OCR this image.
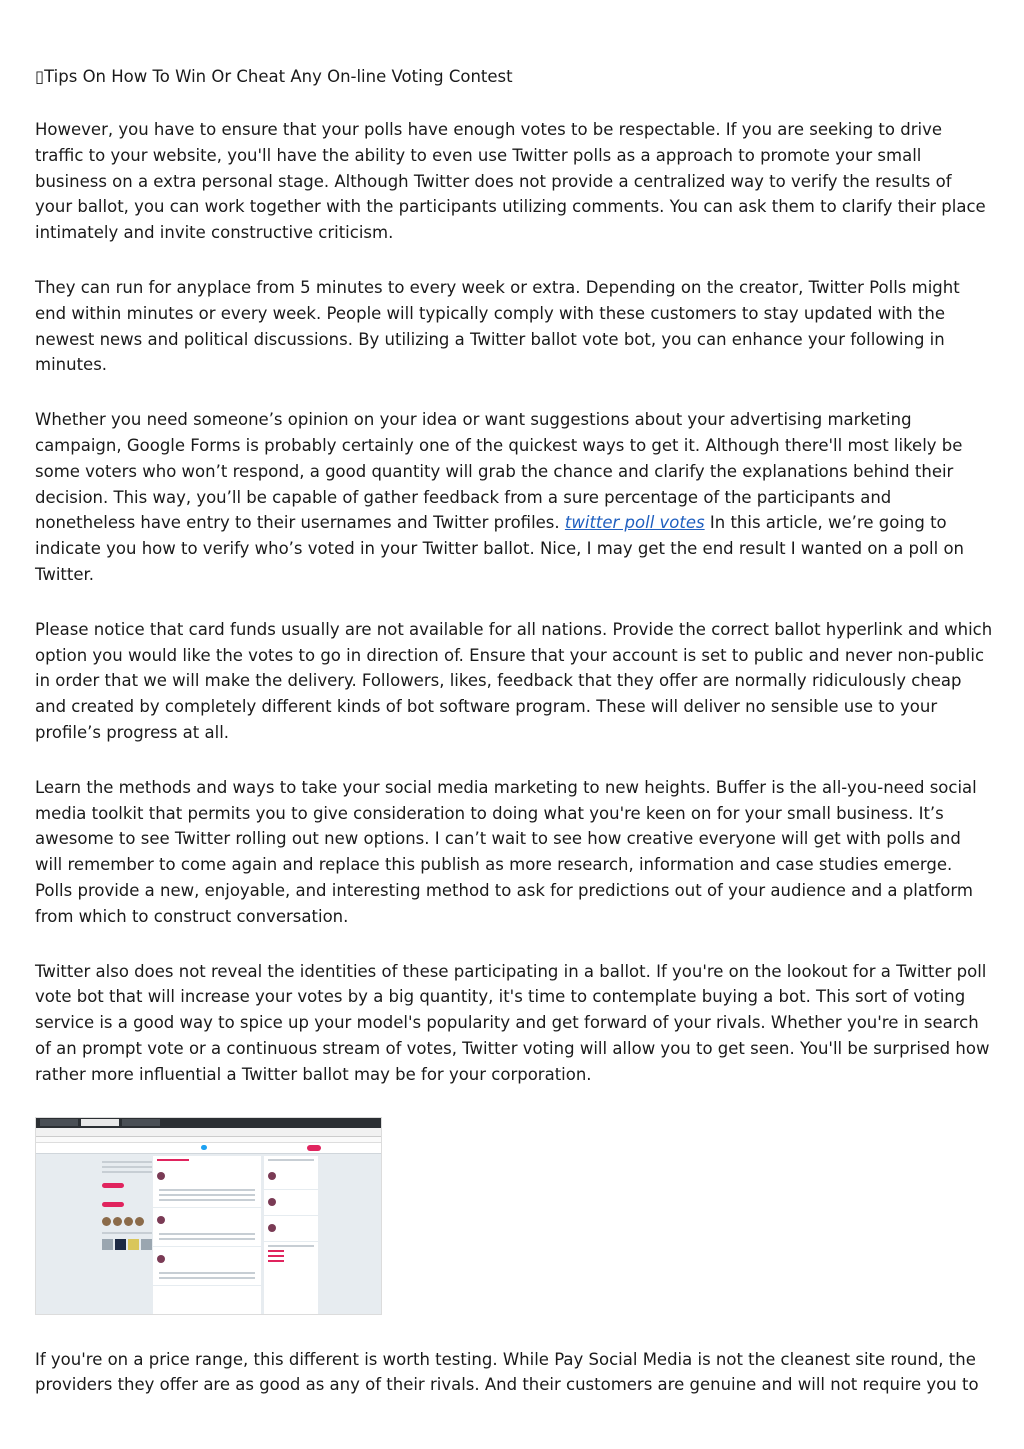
▯Tips On How To Win Or Cheat Any On-line Voting Contest

However, you have to ensure that your polls have enough votes to be respectable. If you are seeking to drive traffic to your website, you'll have the ability to even use Twitter polls as a approach to promote your small business on a extra personal stage. Although Twitter does not provide a centralized way to verify the results of your ballot, you can work together with the participants utilizing comments. You can ask them to clarify their place intimately and invite constructive criticism.

They can run for anyplace from 5 minutes to every week or extra. Depending on the creator, Twitter Polls might end within minutes or every week. People will typically comply with these customers to stay updated with the newest news and political discussions. By utilizing a Twitter ballot vote bot, you can enhance your following in minutes.

Whether you need someone’s opinion on your idea or want suggestions about your advertising marketing campaign, Google Forms is probably certainly one of the quickest ways to get it. Although there'll most likely be some voters who won’t respond, a good quantity will grab the chance and clarify the explanations behind their decision. This way, you’ll be capable of gather feedback from a sure percentage of the participants and nonetheless have entry to their usernames and Twitter profiles. twitter poll votes In this article, we’re going to indicate you how to verify who’s voted in your Twitter ballot. Nice, I may get the end result I wanted on a poll on Twitter.

Please notice that card funds usually are not available for all nations. Provide the correct ballot hyperlink and which option you would like the votes to go in direction of. Ensure that your account is set to public and never non-public in order that we will make the delivery. Followers, likes, feedback that they offer are normally ridiculously cheap and created by completely different kinds of bot software program. These will deliver no sensible use to your profile’s progress at all.

Learn the methods and ways to take your social media marketing to new heights. Buffer is the all-you-need social media toolkit that permits you to give consideration to doing what you're keen on for your small business. It’s awesome to see Twitter rolling out new options. I can’t wait to see how creative everyone will get with polls and will remember to come again and replace this publish as more research, information and case studies emerge. Polls provide a new, enjoyable, and interesting method to ask for predictions out of your audience and a platform from which to construct conversation.

Twitter also does not reveal the identities of these participating in a ballot. If you're on the lookout for a Twitter poll vote bot that will increase your votes by a big quantity, it's time to contemplate buying a bot. This sort of voting service is a good way to spice up your model's popularity and get forward of your rivals. Whether you're in search of an prompt vote or a continuous stream of votes, Twitter voting will allow you to get seen. You'll be surprised how rather more influential a Twitter ballot may be for your corporation.

If you're on a price range, this different is worth testing. While Pay Social Media is not the cleanest site round, the providers they offer are as good as any of their rivals. And their customers are genuine and will not require you to
